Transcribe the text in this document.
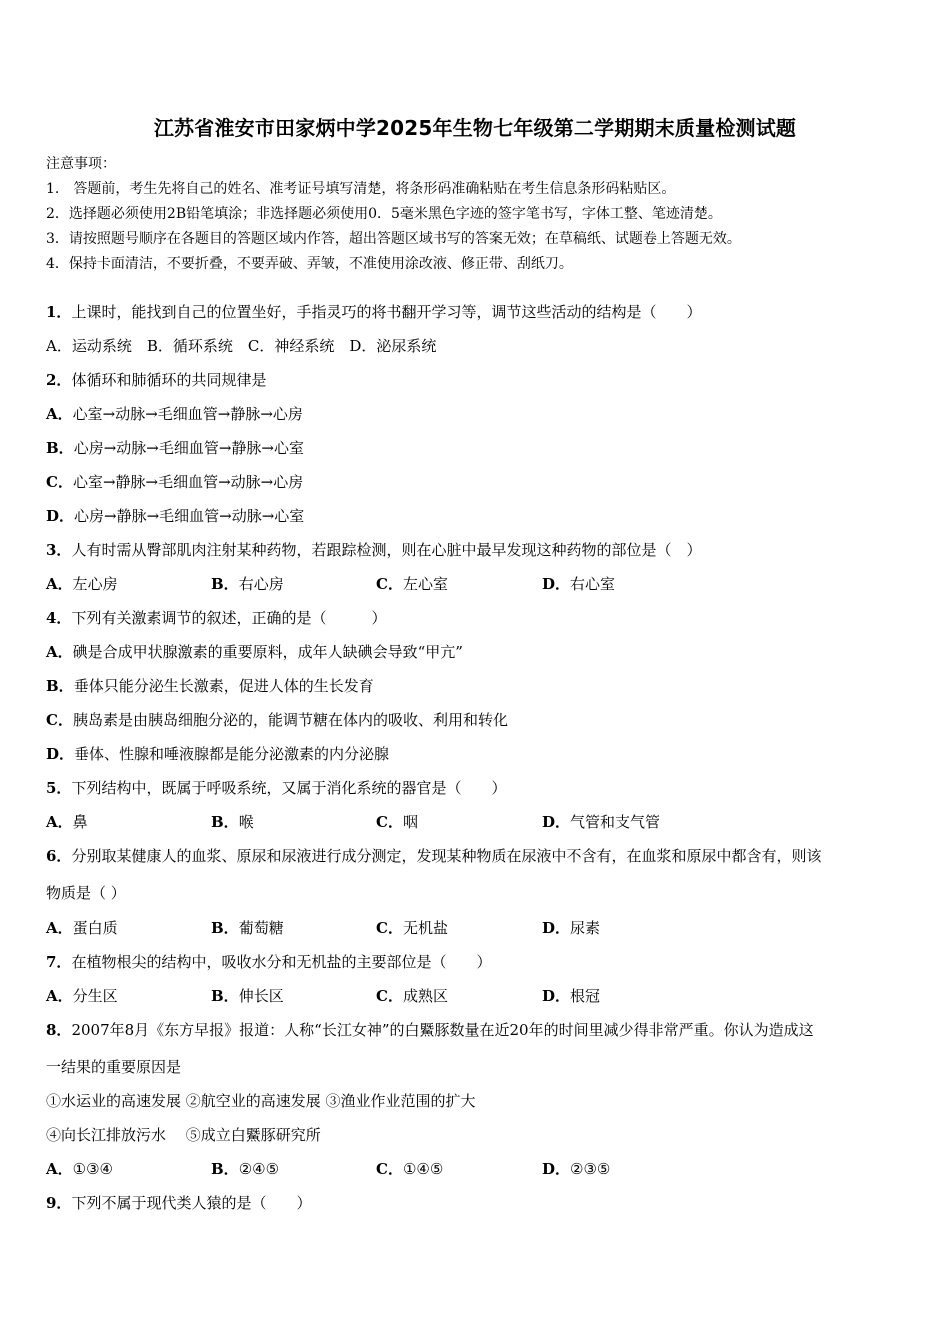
江苏省淮安市田家炳中学2025年生物七年级第二学期期末质量检测试题
注意事项：
1.　答题前，考生先将自己的姓名、准考证号填写清楚，将条形码准确粘贴在考生信息条形码粘贴区。
2．选择题必须使用2B铅笔填涂；非选择题必须使用0．5毫米黑色字迹的签字笔书写，字体工整、笔迹清楚。
3．请按照题号顺序在各题目的答题区域内作答，超出答题区域书写的答案无效；在草稿纸、试题卷上答题无效。
4．保持卡面清洁，不要折叠，不要弄破、弄皱，不准使用涂改液、修正带、刮纸刀。
1．上课时，能找到自己的位置坐好，手指灵巧的将书翻开学习等，调节这些活动的结构是（　　）
A．运动系统　B．循环系统　C．神经系统　D．泌尿系统
2．体循环和肺循环的共同规律是
A．心室→动脉→毛细血管→静脉→心房
B．心房→动脉→毛细血管→静脉→心室
C．心室→静脉→毛细血管→动脉→心房
D．心房→静脉→毛细血管→动脉→心室
3．人有时需从臀部肌肉注射某种药物，若跟踪检测，则在心脏中最早发现这种药物的部位是（　）
A．左心房	B．右心房	C．左心室	D．右心室
4．下列有关激素调节的叙述，正确的是（　　　）
A．碘是合成甲状腺激素的重要原料，成年人缺碘会导致“甲亢”
B．垂体只能分泌生长激素，促进人体的生长发育
C．胰岛素是由胰岛细胞分泌的，能调节糖在体内的吸收、利用和转化
D．垂体、性腺和唾液腺都是能分泌激素的内分泌腺
5．下列结构中，既属于呼吸系统，又属于消化系统的器官是（　　）
A．鼻	B．喉	C．咽	D．气管和支气管
6．分别取某健康人的血浆、原尿和尿液进行成分测定，发现某种物质在尿液中不含有，在血浆和原尿中都含有，则该
物质是（ ）
A．蛋白质	B．葡萄糖	C．无机盐	D．尿素
7．在植物根尖的结构中，吸收水分和无机盐的主要部位是（　　）
A．分生区	B．伸长区	C．成熟区	D．根冠
8．2007年8月《东方早报》报道：人称“长江女神”的白鱀豚数量在近20年的时间里减少得非常严重。你认为造成这
一结果的重要原因是
①水运业的高速发展 ②航空业的高速发展 ③渔业作业范围的扩大
④向长江排放污水　 ⑤成立白鱀豚研究所
A．①③④	B．②④⑤	C．①④⑤	D．②③⑤
9．下列不属于现代类人猿的是（　　）
